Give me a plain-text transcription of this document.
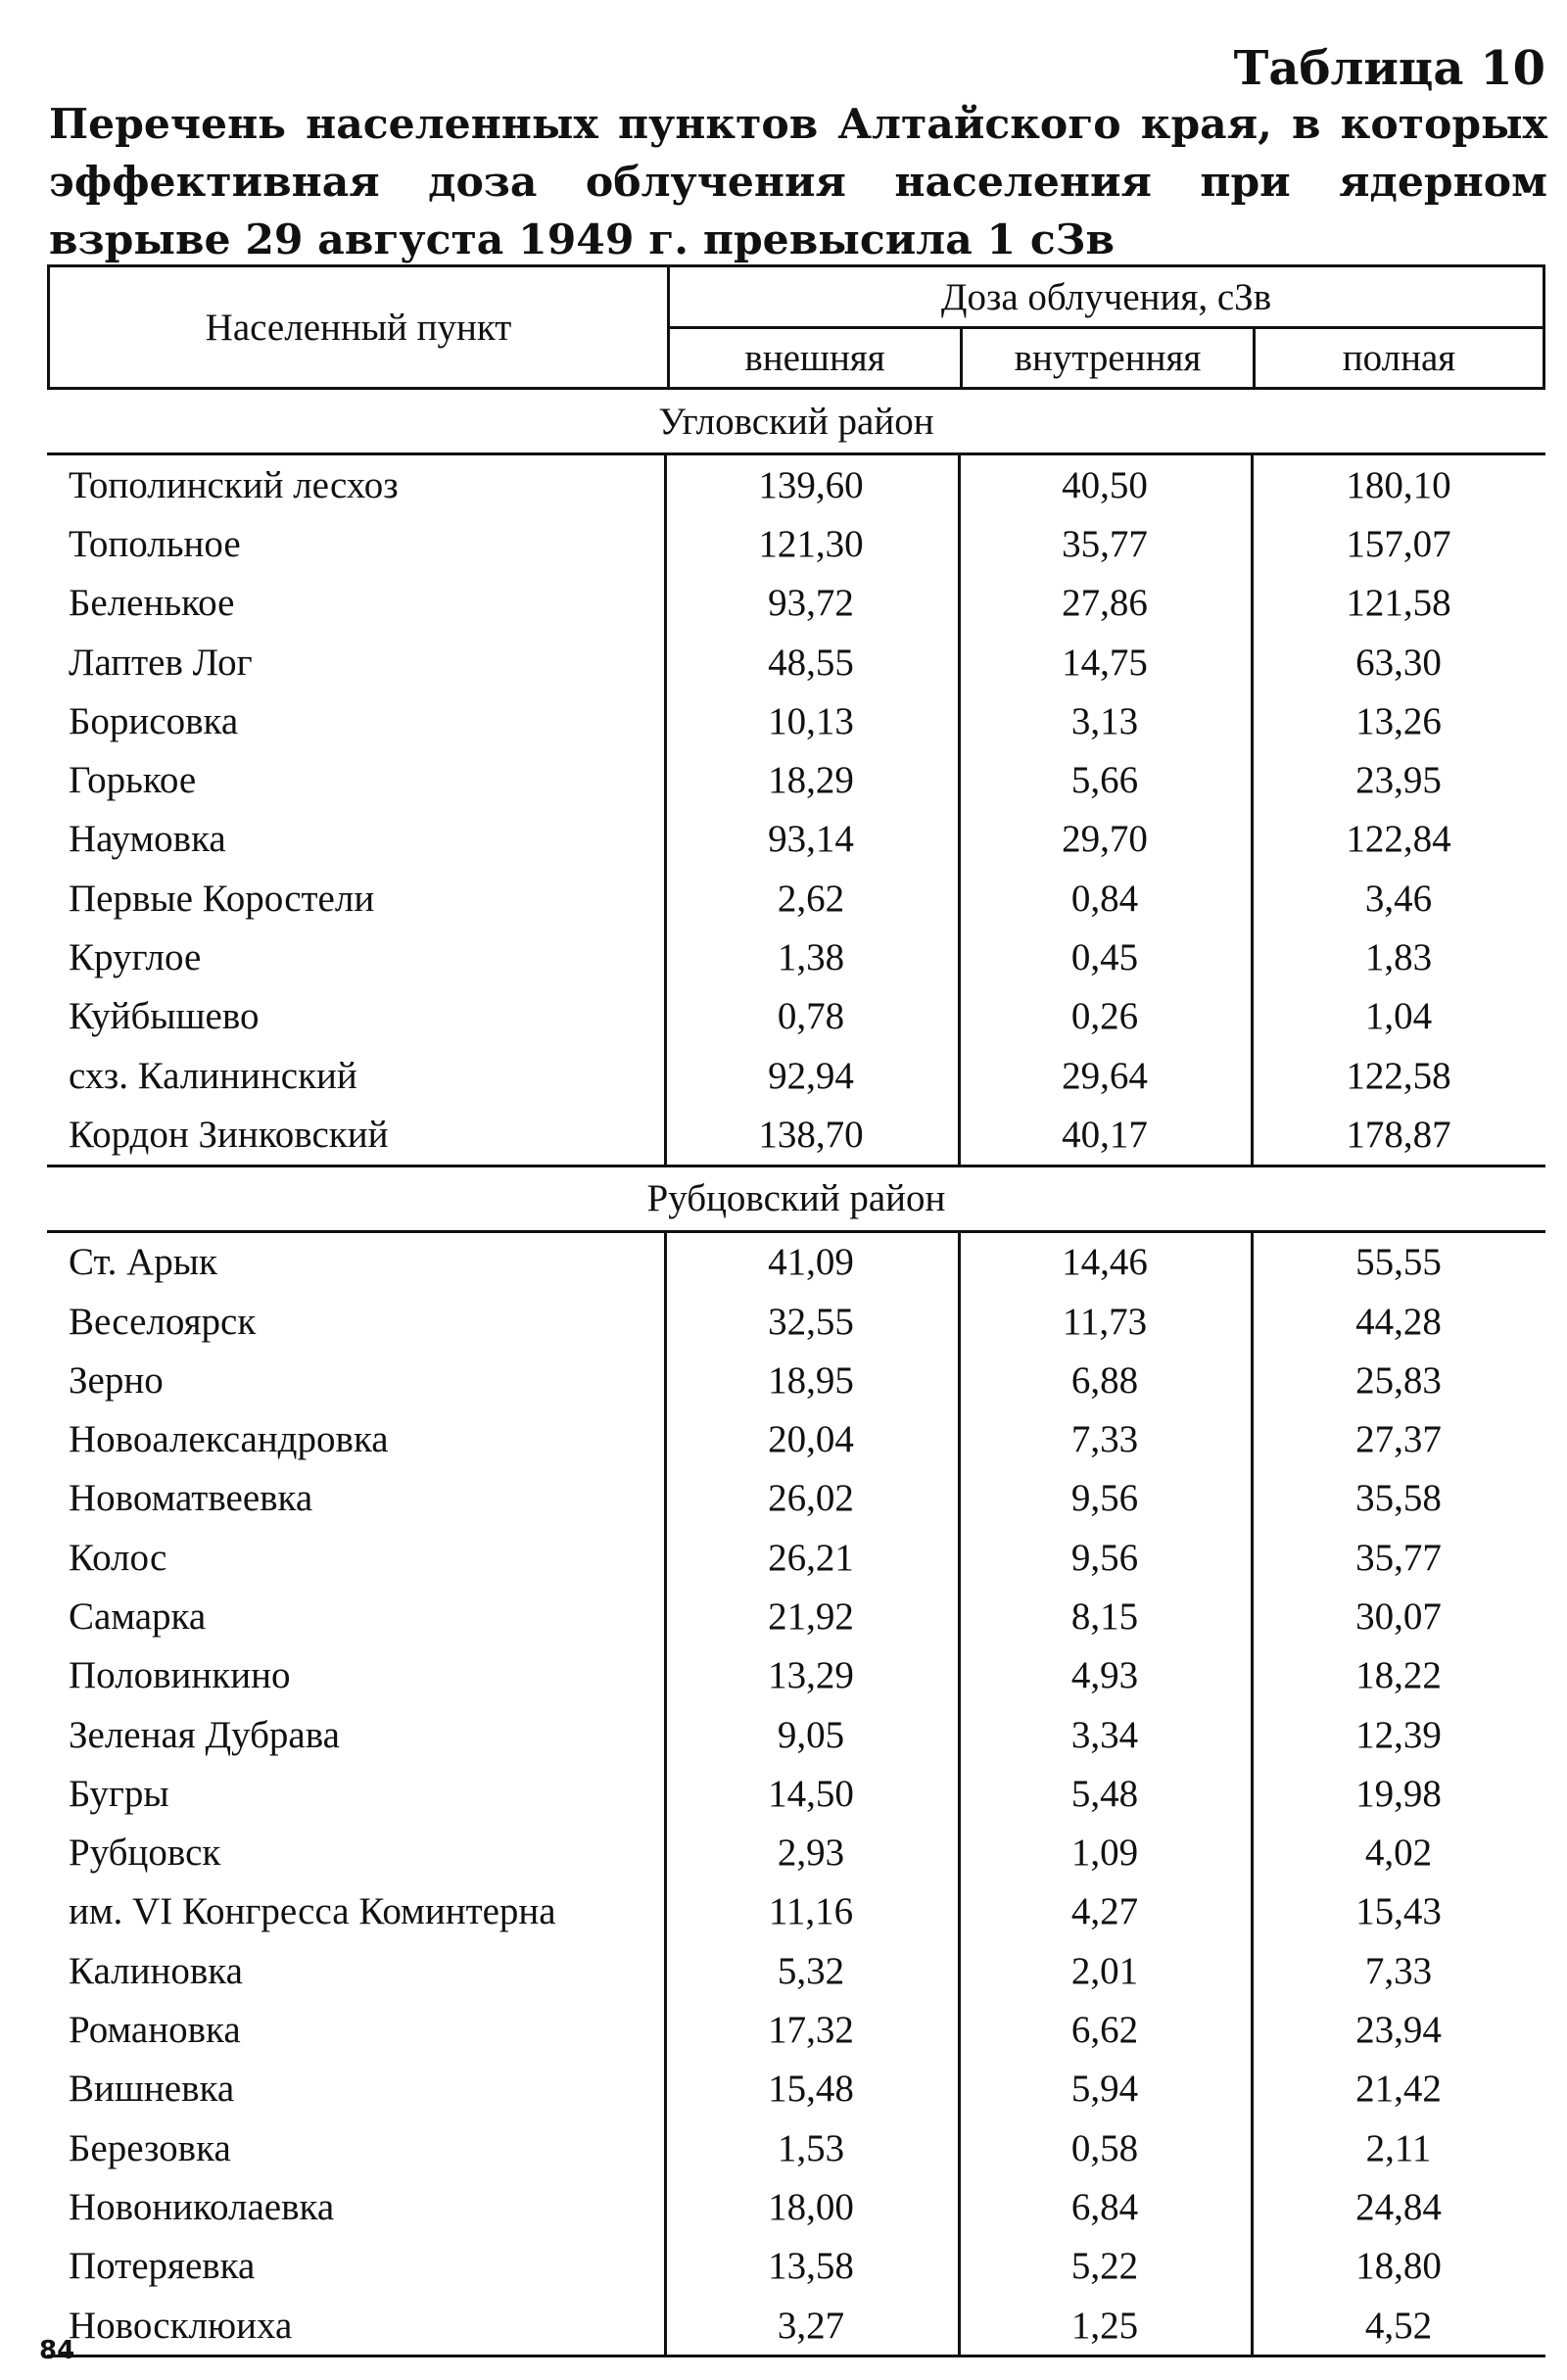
Таблица 10
Перечень населенных пунктов Алтайского края, в которых эффективная доза облучения населения при ядерном взрыве 29 августа 1949 г. превысила 1 сЗв
Населенный пункт
Доза облучения, сЗв
внешняя	внутренняя	полная
Угловский район
Тополинский лесхоз	139,60	40,50	180,10
Топольное	121,30	35,77	157,07
Беленькое	93,72	27,86	121,58
Лаптев Лог	48,55	14,75	63,30
Борисовка	10,13	3,13	13,26
Горькое	18,29	5,66	23,95
Наумовка	93,14	29,70	122,84
Первые Коростели	2,62	0,84	3,46
Круглое	1,38	0,45	1,83
Куйбышево	0,78	0,26	1,04
схз. Калининский	92,94	29,64	122,58
Кордон Зинковский	138,70	40,17	178,87
Рубцовский район
Ст. Арык	41,09	14,46	55,55
Веселоярск	32,55	11,73	44,28
Зерно	18,95	6,88	25,83
Новоалександровка	20,04	7,33	27,37
Новоматвеевка	26,02	9,56	35,58
Колос	26,21	9,56	35,77
Самарка	21,92	8,15	30,07
Половинкино	13,29	4,93	18,22
Зеленая Дубрава	9,05	3,34	12,39
Бугры	14,50	5,48	19,98
Рубцовск	2,93	1,09	4,02
им. VI Конгресса Коминтерна	11,16	4,27	15,43
Калиновка	5,32	2,01	7,33
Романовка	17,32	6,62	23,94
Вишневка	15,48	5,94	21,42
Березовка	1,53	0,58	2,11
Новониколаевка	18,00	6,84	24,84
Потеряевка	13,58	5,22	18,80
Новосклюиха	3,27	1,25	4,52
84
